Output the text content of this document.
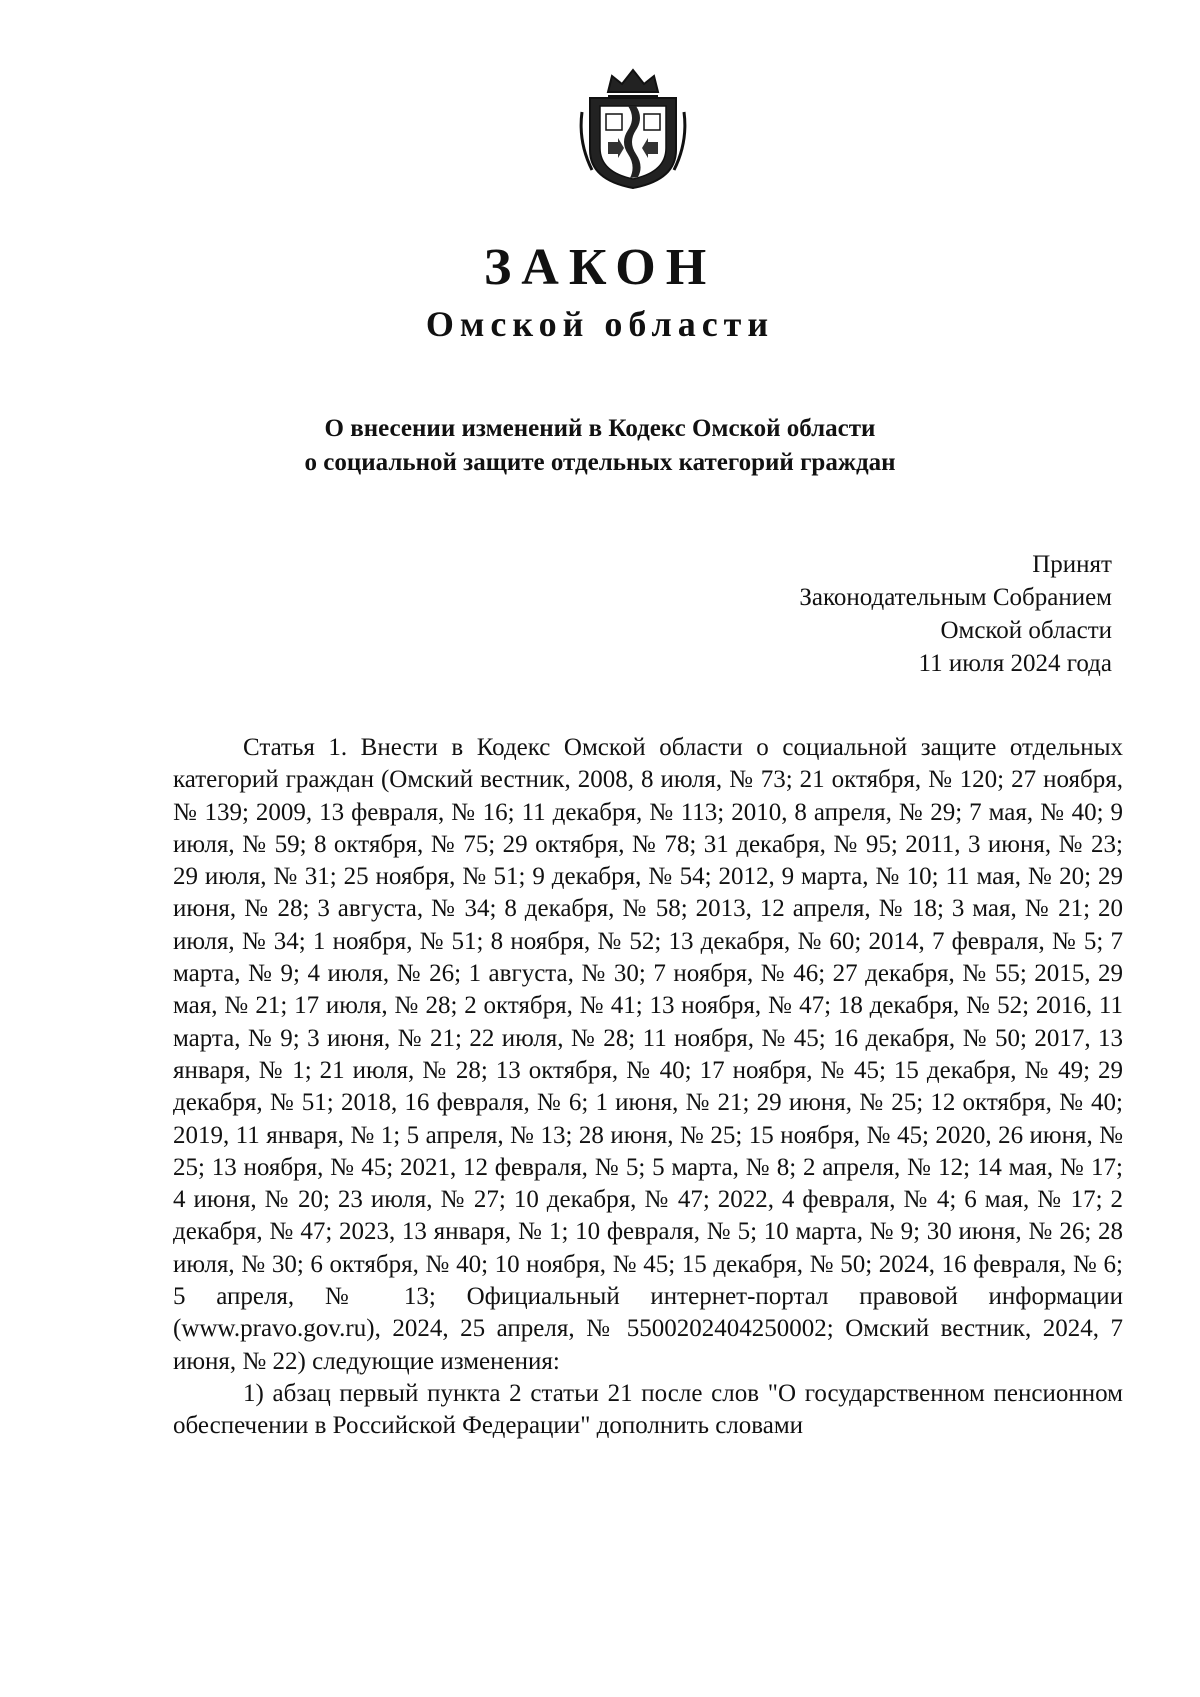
ЗАКОН
Омской области
О внесении изменений в Кодекс Омской области
о социальной защите отдельных категорий граждан
Принят
Законодательным Собранием
Омской области
11 июля 2024 года

Статья 1. Внести в Кодекс Омской области о социальной защите отдельных категорий граждан (Омский вестник, 2008, 8 июля, № 73; 21 октября, № 120; 27 ноября, № 139; 2009, 13 февраля, № 16; 11 декабря, № 113; 2010, 8 апреля, № 29; 7 мая, № 40; 9 июля, № 59; 8 октября, № 75; 29 октября, № 78; 31 декабря, № 95; 2011, 3 июня, № 23; 29 июля, № 31; 25 ноября, № 51; 9 декабря, № 54; 2012, 9 марта, № 10; 11 мая, № 20; 29 июня, № 28; 3 августа, № 34; 8 декабря, № 58; 2013, 12 апреля, № 18; 3 мая, № 21; 20 июля, № 34; 1 ноября, № 51; 8 ноября, № 52; 13 декабря, № 60; 2014, 7 февраля, № 5; 7 марта, № 9; 4 июля, № 26; 1 августа, № 30; 7 ноября, № 46; 27 декабря, № 55; 2015, 29 мая, № 21; 17 июля, № 28; 2 октября, № 41; 13 ноября, № 47; 18 декабря, № 52; 2016, 11 марта, № 9; 3 июня, № 21; 22 июля, № 28; 11 ноября, № 45; 16 декабря, № 50; 2017, 13 января, № 1; 21 июля, № 28; 13 октября, № 40; 17 ноября, № 45; 15 декабря, № 49; 29 декабря, № 51; 2018, 16 февраля, № 6; 1 июня, № 21; 29 июня, № 25; 12 октября, № 40; 2019, 11 января, № 1; 5 апреля, № 13; 28 июня, № 25; 15 ноября, № 45; 2020, 26 июня, № 25; 13 ноября, № 45; 2021, 12 февраля, № 5; 5 марта, № 8; 2 апреля, № 12; 14 мая, № 17; 4 июня, № 20; 23 июля, № 27; 10 декабря, № 47; 2022, 4 февраля, № 4; 6 мая, № 17; 2 декабря, № 47; 2023, 13 января, № 1; 10 февраля, № 5; 10 марта, № 9; 30 июня, № 26; 28 июля, № 30; 6 октября, № 40; 10 ноября, № 45; 15 декабря, № 50; 2024, 16 февраля, № 6; 5 апреля, № 13; Официальный интернет-портал правовой информации (www.pravo.gov.ru), 2024, 25 апреля, № 5500202404250002; Омский вестник, 2024, 7 июня, № 22) следующие изменения:

1) абзац первый пункта 2 статьи 21 после слов "О государственном пенсионном обеспечении в Российской Федерации" дополнить словами
